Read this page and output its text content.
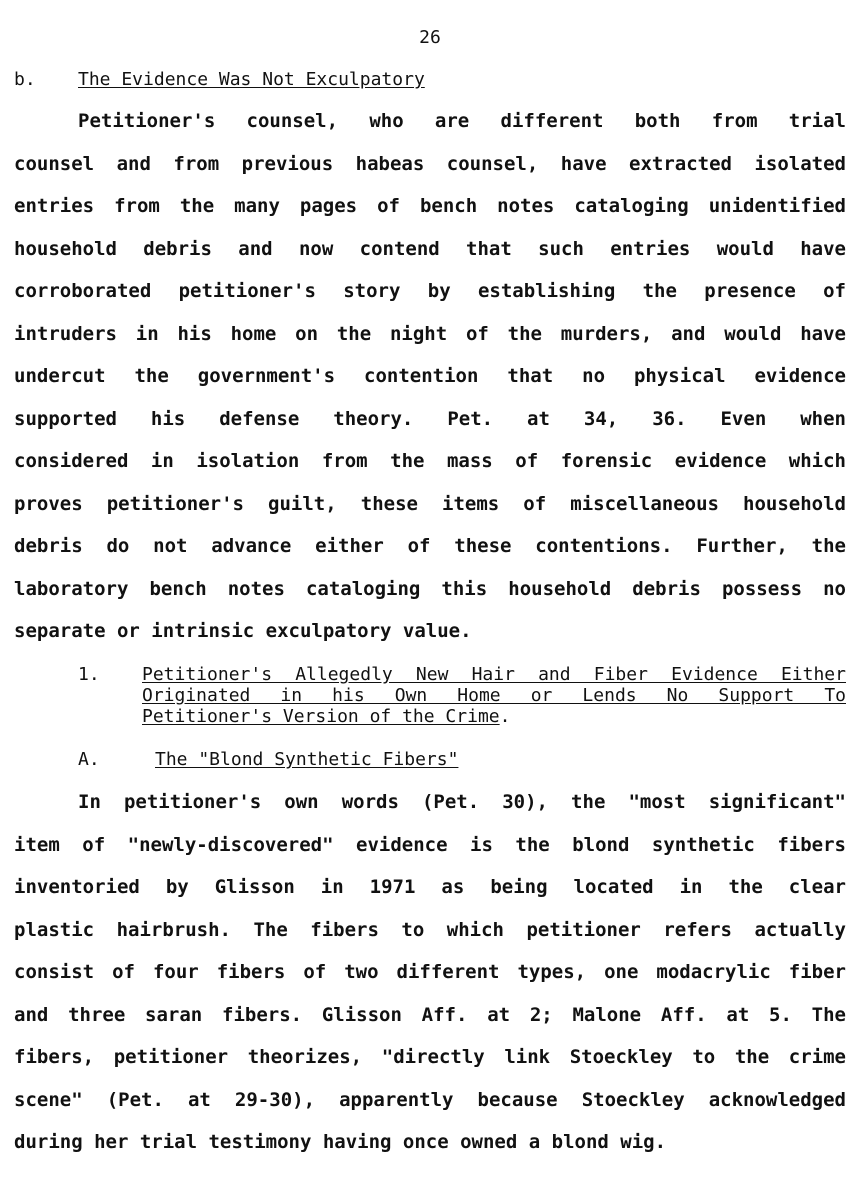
26
b. The Evidence Was Not Exculpatory
Petitioner's counsel, who are different both from trial
counsel and from previous habeas counsel, have extracted isolated
entries from the many pages of bench notes cataloging unidentified
household debris and now contend that such entries would have
corroborated petitioner's story by establishing the presence of
intruders in his home on the night of the murders, and would have
undercut the government's contention that no physical evidence
supported his defense theory. Pet. at 34, 36. Even when
considered in isolation from the mass of forensic evidence which
proves petitioner's guilt, these items of miscellaneous household
debris do not advance either of these contentions. Further, the
laboratory bench notes cataloging this household debris possess no
separate or intrinsic exculpatory value.
1. Petitioner's Allegedly New Hair and Fiber Evidence Either
Originated in his Own Home or Lends No Support To
Petitioner's Version of the Crime.
A.	The "Blond Synthetic Fibers"
In petitioner's own words (Pet. 30), the "most significant"
item of "newly-discovered" evidence is the blond synthetic fibers
inventoried by Glisson in 1971 as being located in the clear
plastic hairbrush. The fibers to which petitioner refers actually
consist of four fibers of two different types, one modacrylic fiber
and three saran fibers. Glisson Aff. at 2; Malone Aff. at 5. The
fibers, petitioner theorizes, "directly link Stoeckley to the crime
scene" (Pet. at 29-30), apparently because Stoeckley acknowledged
during her trial testimony having once owned a blond wig.
